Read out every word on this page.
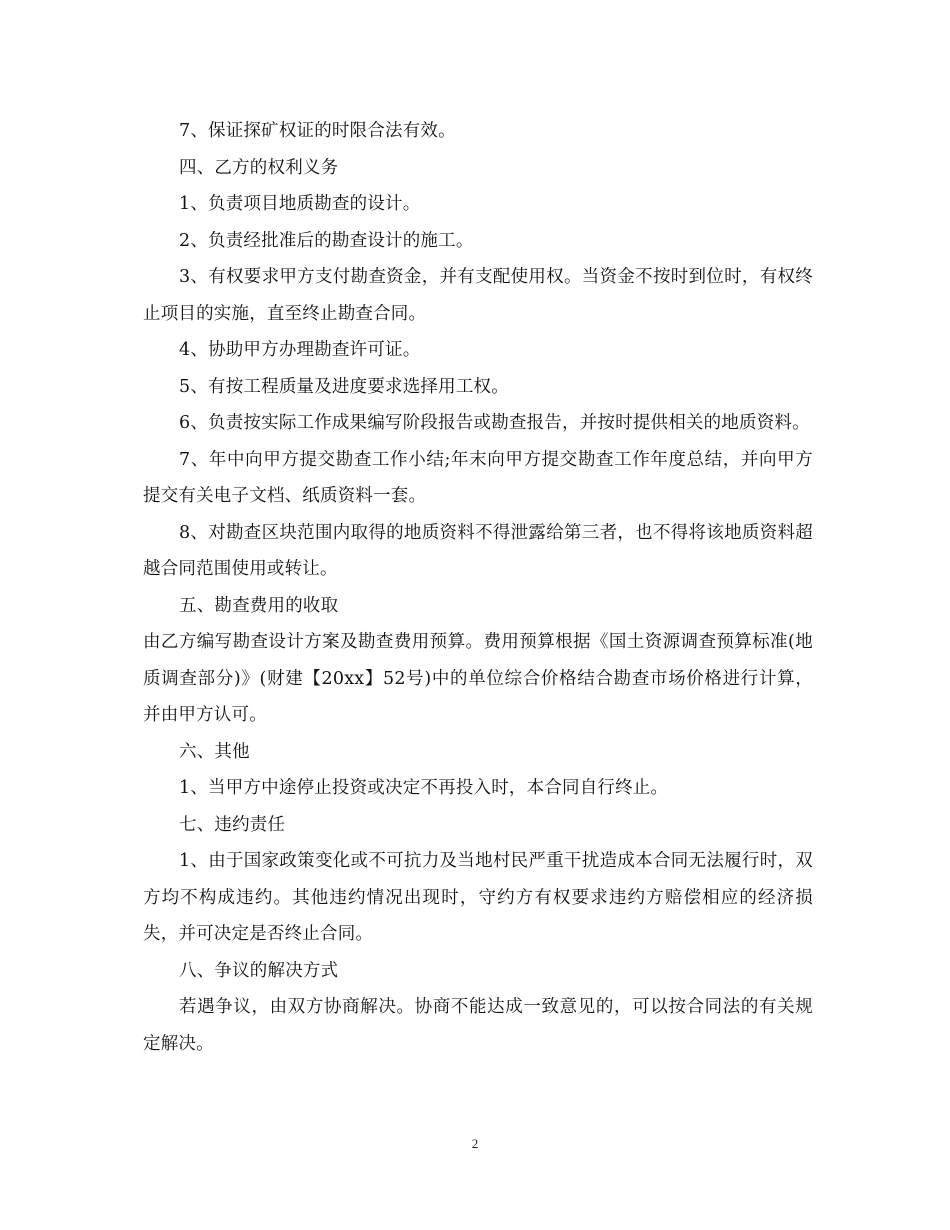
7、保证探矿权证的时限合法有效。

四、乙方的权利义务

1、负责项目地质勘查的设计。

2、负责经批准后的勘查设计的施工。

3、有权要求甲方支付勘查资金，并有支配使用权。当资金不按时到位时，有权终止项目的实施，直至终止勘查合同。

4、协助甲方办理勘查许可证。

5、有按工程质量及进度要求选择用工权。

6、负责按实际工作成果编写阶段报告或勘查报告，并按时提供相关的地质资料。

7、年中向甲方提交勘查工作小结;年末向甲方提交勘查工作年度总结，并向甲方提交有关电子文档、纸质资料一套。

8、对勘查区块范围内取得的地质资料不得泄露给第三者，也不得将该地质资料超越合同范围使用或转让。

五、勘查费用的收取

由乙方编写勘查设计方案及勘查费用预算。费用预算根据《国土资源调查预算标准(地质调查部分)》(财建【20xx】52号)中的单位综合价格结合勘查市场价格进行计算，并由甲方认可。

六、其他

1、当甲方中途停止投资或决定不再投入时，本合同自行终止。

七、违约责任

1、由于国家政策变化或不可抗力及当地村民严重干扰造成本合同无法履行时，双方均不构成违约。其他违约情况出现时，守约方有权要求违约方赔偿相应的经济损失，并可决定是否终止合同。

八、争议的解决方式

若遇争议，由双方协商解决。协商不能达成一致意见的，可以按合同法的有关规定解决。

2
